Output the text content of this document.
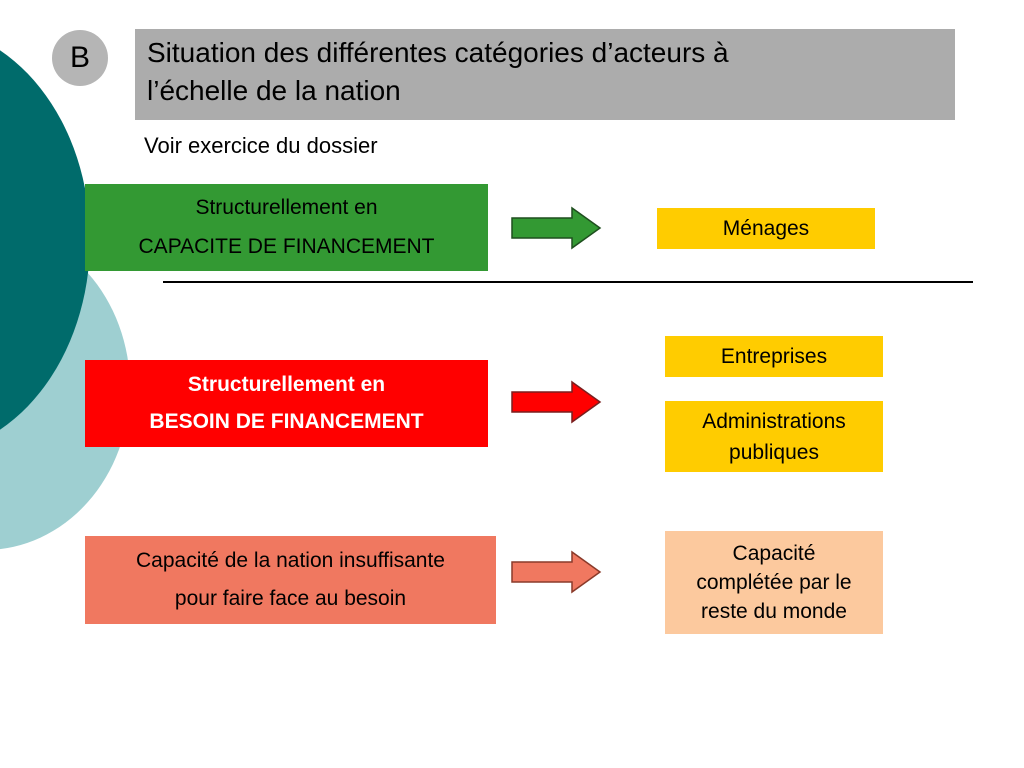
B	Situation des différentes catégories d’acteurs à
l’échelle de la nation
Voir exercice du dossier
Structurellement en
CAPACITE DE FINANCEMENT
Ménages
Structurellement en
BESOIN DE FINANCEMENT
Entreprises
Administrations
publiques
Capacité de la nation insuffisante
pour faire face au besoin
Capacité
complétée par le
reste du monde
